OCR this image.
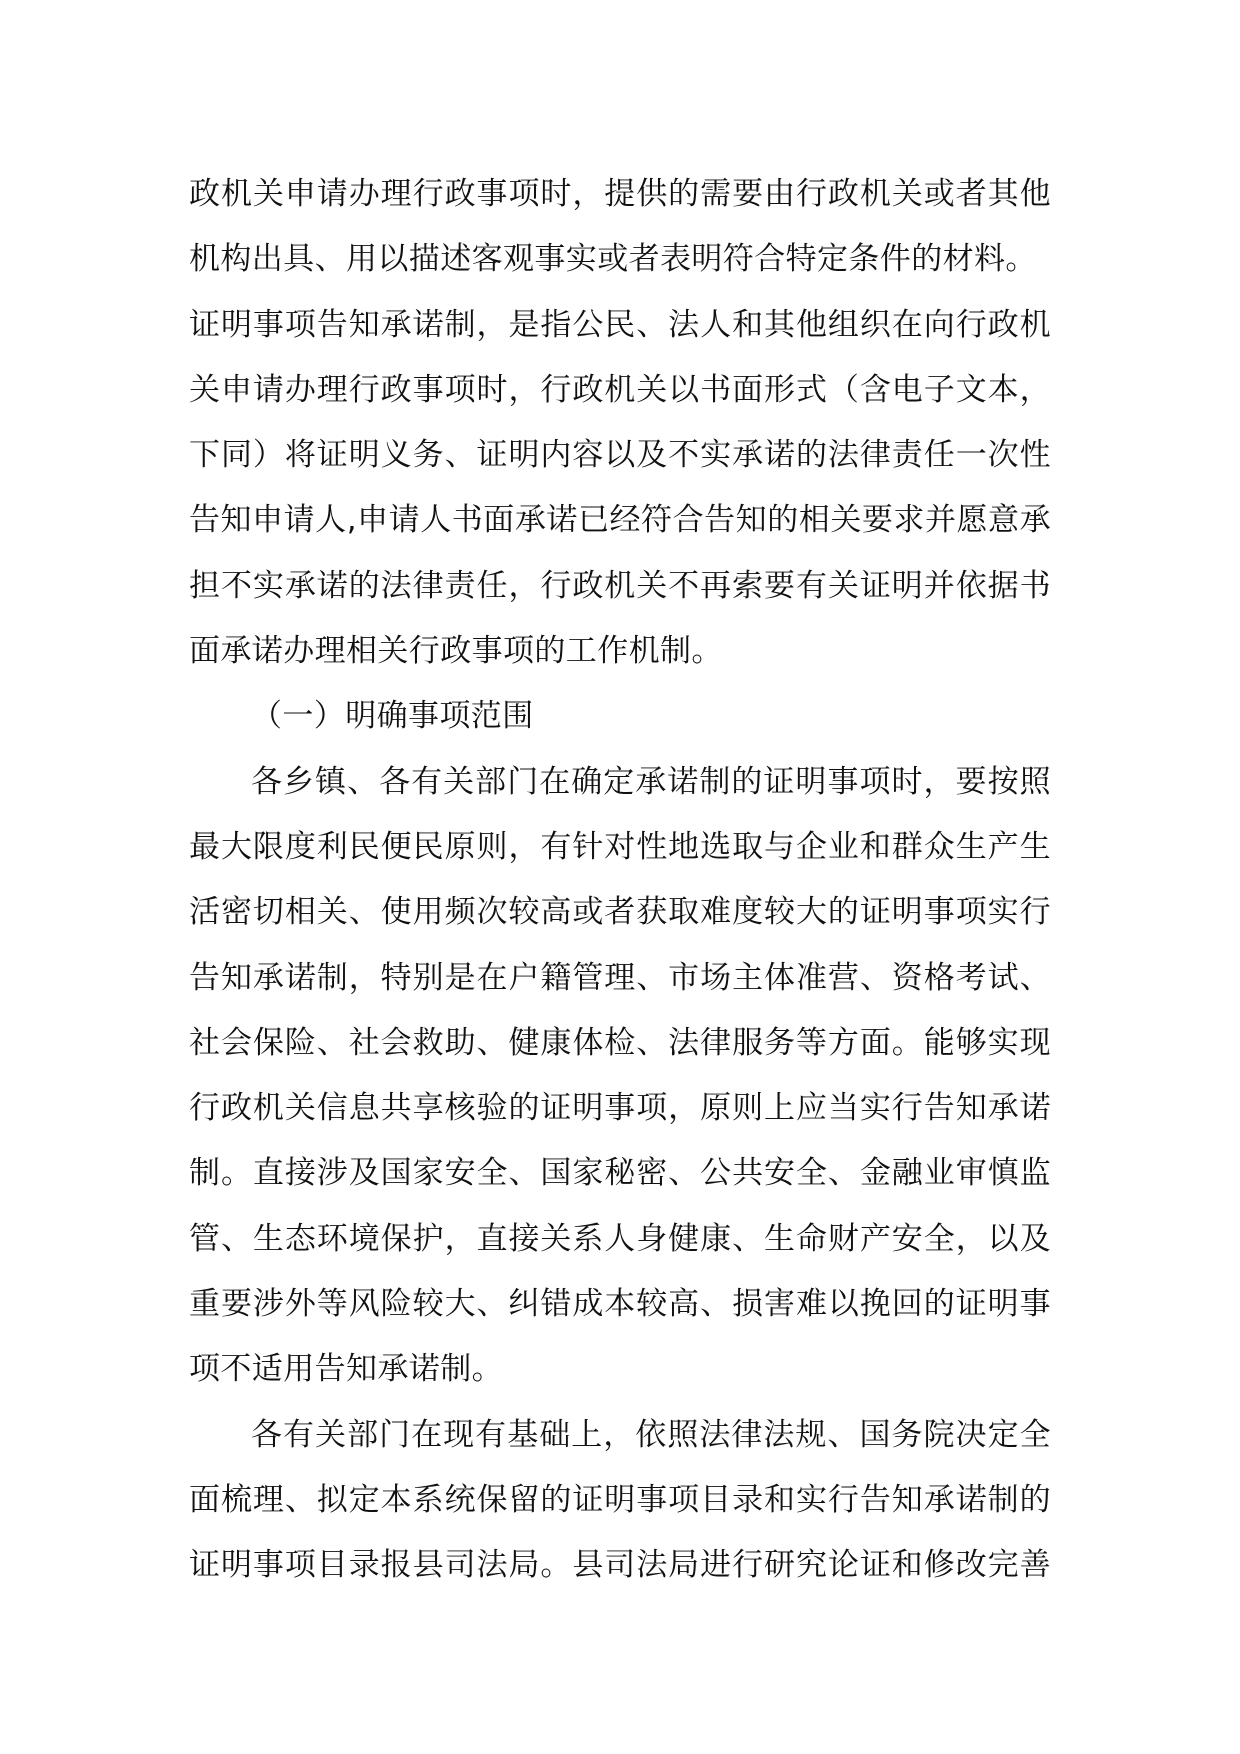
政机关申请办理行政事项时，提供的需要由行政机关或者其他
机构出具、用以描述客观事实或者表明符合特定条件的材料。
证明事项告知承诺制，是指公民、法人和其他组织在向行政机
关申请办理行政事项时，行政机关以书面形式（含电子文本，
下同）将证明义务、证明内容以及不实承诺的法律责任一次性
告知申请人,申请人书面承诺已经符合告知的相关要求并愿意承
担不实承诺的法律责任，行政机关不再索要有关证明并依据书
面承诺办理相关行政事项的工作机制。
（一）明确事项范围
各乡镇、各有关部门在确定承诺制的证明事项时，要按照
最大限度利民便民原则，有针对性地选取与企业和群众生产生
活密切相关、使用频次较高或者获取难度较大的证明事项实行
告知承诺制，特别是在户籍管理、市场主体准营、资格考试、
社会保险、社会救助、健康体检、法律服务等方面。能够实现
行政机关信息共享核验的证明事项，原则上应当实行告知承诺
制。直接涉及国家安全、国家秘密、公共安全、金融业审慎监
管、生态环境保护，直接关系人身健康、生命财产安全，以及
重要涉外等风险较大、纠错成本较高、损害难以挽回的证明事
项不适用告知承诺制。
各有关部门在现有基础上，依照法律法规、国务院决定全
面梳理、拟定本系统保留的证明事项目录和实行告知承诺制的
证明事项目录报县司法局。县司法局进行研究论证和修改完善
